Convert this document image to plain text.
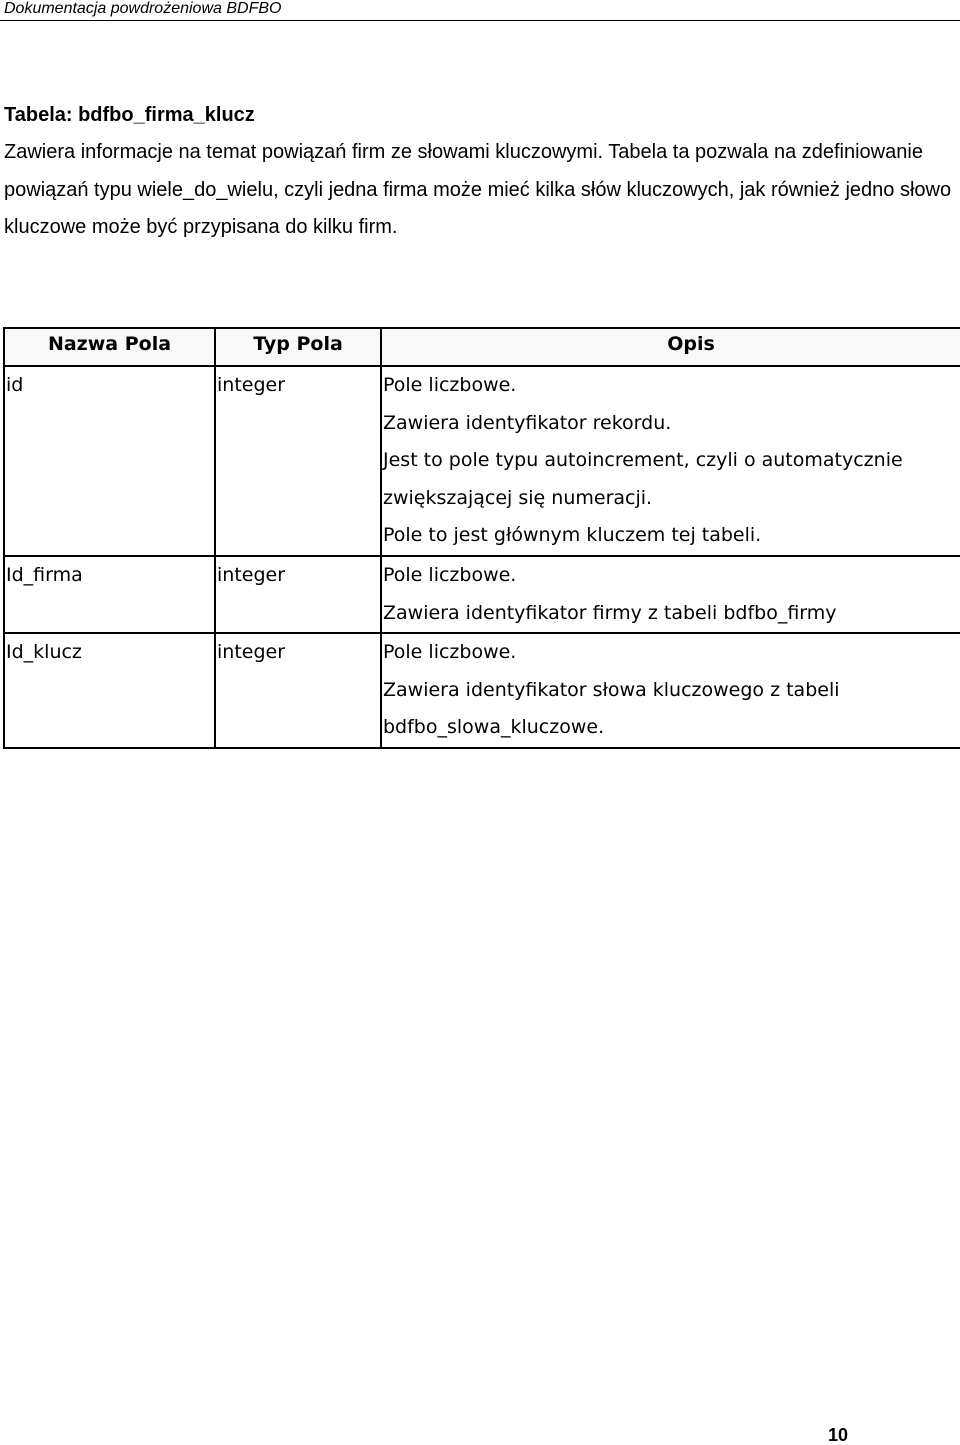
Dokumentacja powdrożeniowa BDFBO
Tabela: bdfbo_firma_klucz

Zawiera informacje na temat powiązań firm ze słowami kluczowymi. Tabela ta pozwala na zdefiniowanie powiązań typu wiele_do_wielu, czyli jedna firma może mieć kilka słów kluczowych, jak również jedno słowo kluczowe może być przypisana do kilku firm.

Nazwa Pola	Typ Pola	Opis
id	integer	Pole liczbowe.
Zawiera identyfikator rekordu.
Jest to pole typu autoincrement, czyli o automatycznie
zwiększającej się numeracji.
Pole to jest głównym kluczem tej tabeli.

Id_firma	integer	Pole liczbowe.
Zawiera identyfikator firmy z tabeli bdfbo_firmy

Id_klucz	integer	Pole liczbowe.
Zawiera identyfikator słowa kluczowego z tabeli
bdfbo_slowa_kluczowe.
10
